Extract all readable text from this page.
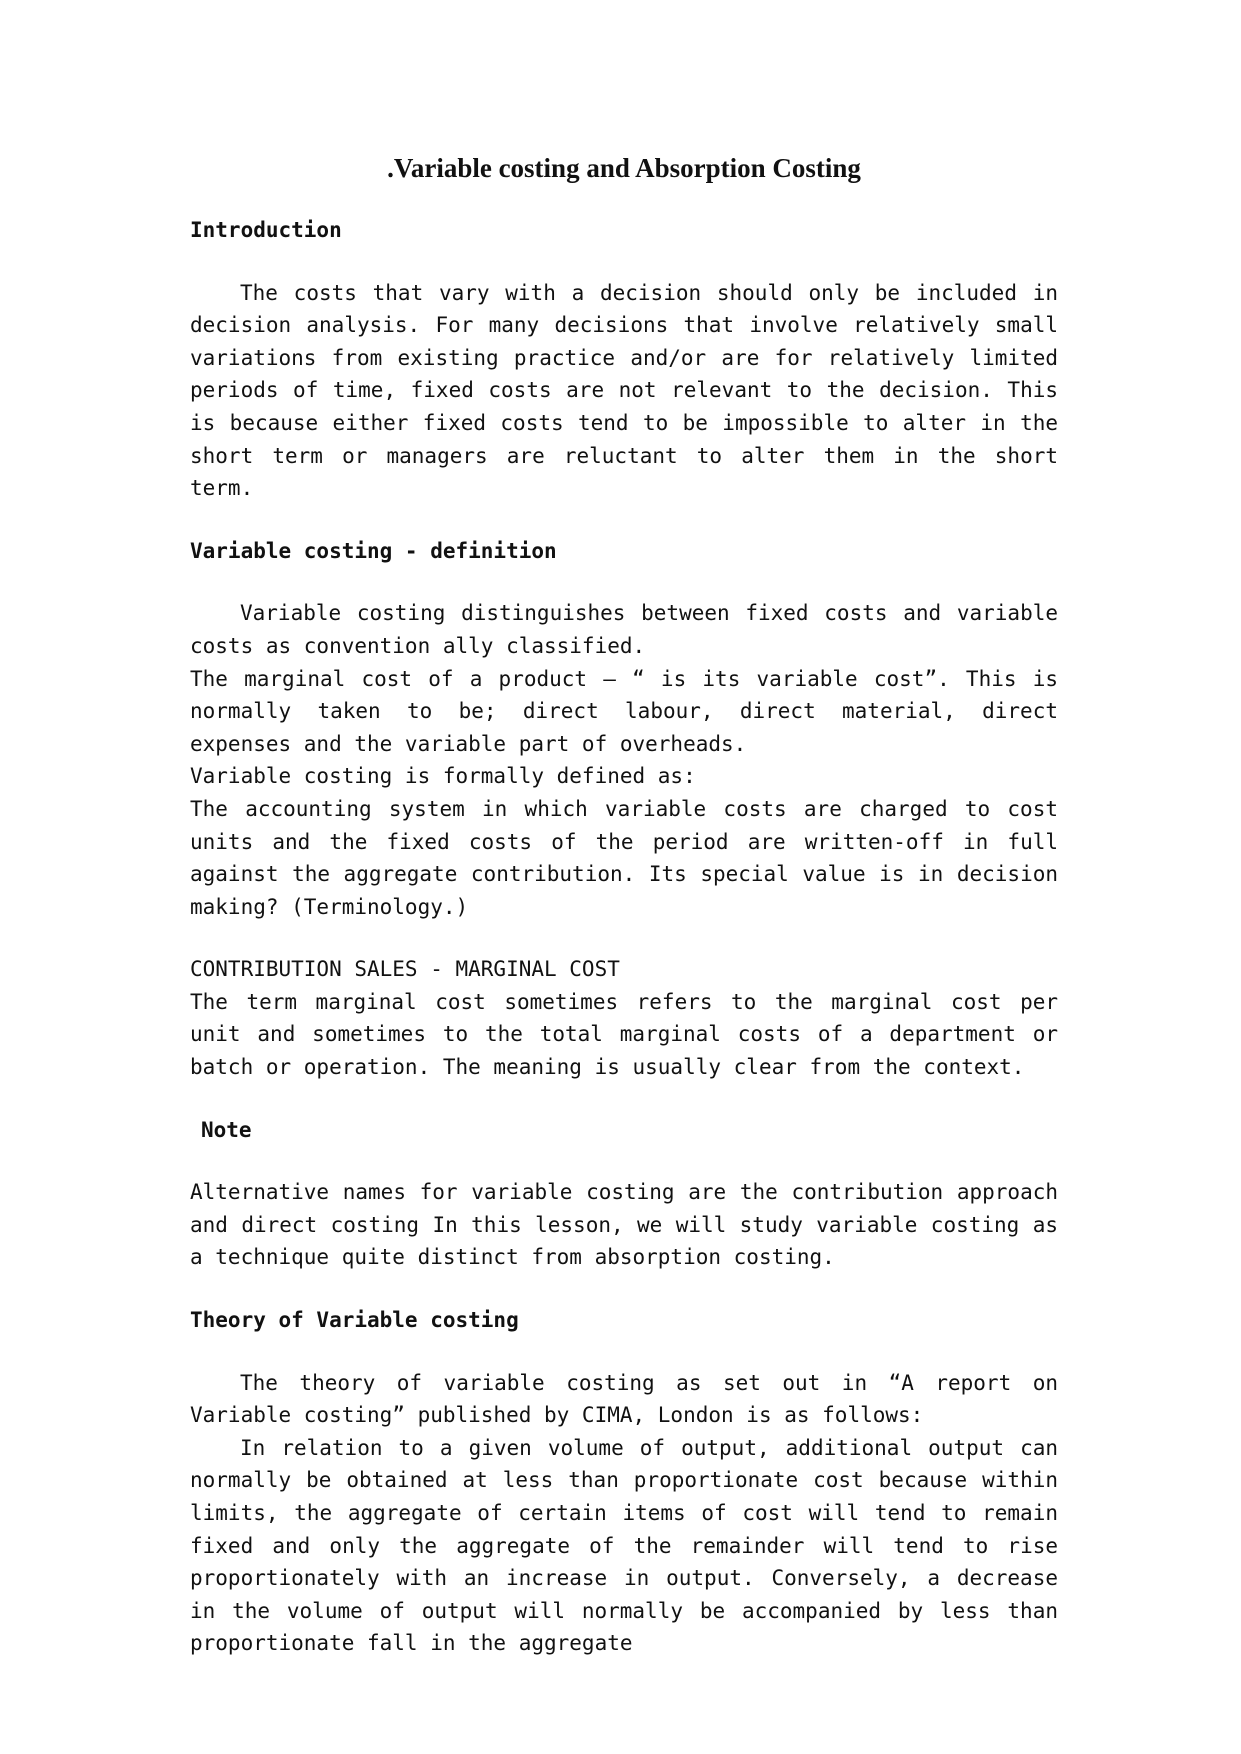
.Variable costing and Absorption Costing
Introduction

The costs that vary with a decision should only be included in decision analysis. For many decisions that involve relatively small variations from existing practice and/or are for relatively limited periods of time, fixed costs are not relevant to the decision. This is because either fixed costs tend to be impossible to alter in the short term or managers are reluctant to alter them in the short term.

Variable costing - definition

Variable costing distinguishes between fixed costs and variable costs as convention ally classified.

The marginal cost of a product – “ is its variable cost”. This is normally taken to be; direct labour, direct material, direct expenses and the variable part of overheads.

Variable costing is formally defined as:

The accounting system in which variable costs are charged to cost units and the fixed costs of the period are written-off in full against the aggregate contribution. Its special value is in decision making? (Terminology.)

CONTRIBUTION SALES - MARGINAL COST

The term marginal cost sometimes refers to the marginal cost per unit and sometimes to the total marginal costs of a department or batch or operation. The meaning is usually clear from the context.

Note

Alternative names for variable costing are the contribution approach and direct costing In this lesson, we will study variable costing as a technique quite distinct from absorption costing.

Theory of Variable costing

The theory of variable costing as set out in “A report on Variable costing” published by CIMA, London is as follows:

In relation to a given volume of output, additional output can normally be obtained at less than proportionate cost because within limits, the aggregate of certain items of cost will tend to remain fixed and only the aggregate of the remainder will tend to rise proportionately with an increase in output. Conversely, a decrease in the volume of output will normally be accompanied by less than proportionate fall in the aggregate
